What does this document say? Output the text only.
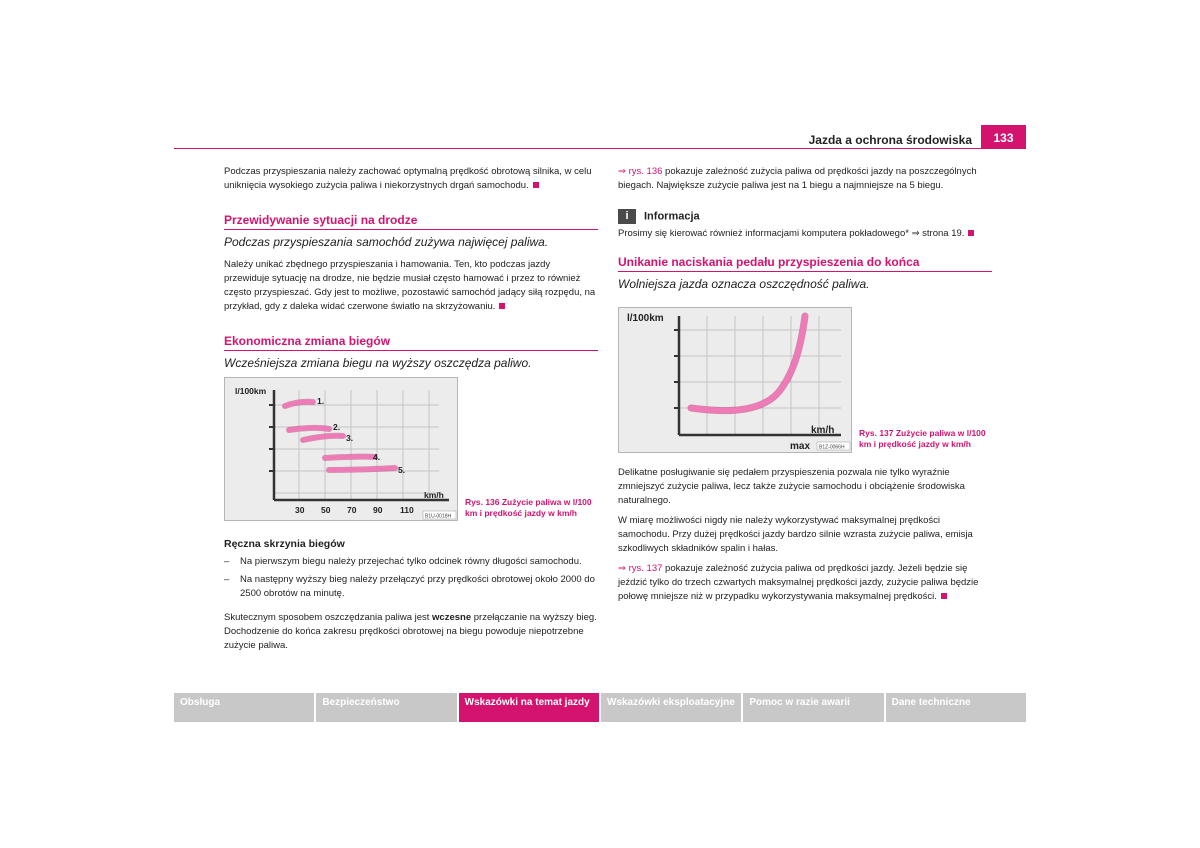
Jazda a ochrona środowiska	133

Podczas przyspieszania należy zachować optymalną prędkość obrotową silnika, w celu uniknięcia wysokiego zużycia paliwa i niekorzystnych drgań samochodu.

Przewidywanie sytuacji na drodze
Podczas przyspieszania samochód zużywa najwięcej paliwa.

Należy unikać zbędnego przyspieszania i hamowania. Ten, kto podczas jazdy przewiduje sytuację na drodze, nie będzie musiał często hamować i przez to również często przyspieszać. Gdy jest to możliwe, pozostawić samochód jadący siłą rozpędu, na przykład, gdy z daleka widać czerwone światło na skrzyżowaniu.

Ekonomiczna zmiana biegów
Wcześniejsza zmiana biegu na wyższy oszczędza paliwo.
l/100km
km/h
30 50 70 90 110
1.
2.
3.
4.
5.
B1U-0018H
Rys. 136 Zużycie paliwa w l/100 km i prędkość jazdy w km/h
Ręczna skrzynia biegów
– Na pierwszym biegu należy przejechać tylko odcinek równy długości samochodu.
– Na następny wyższy bieg należy przełączyć przy prędkości obrotowej około 2000 do 2500 obrotów na minutę.

Skutecznym sposobem oszczędzania paliwa jest wczesne przełączanie na wyższy bieg. Dochodzenie do końca zakresu prędkości obrotowej na biegu powoduje niepotrzebne zużycie paliwa.

⇒ rys. 136 pokazuje zależność zużycia paliwa od prędkości jazdy na poszczególnych biegach. Największe zużycie paliwa jest na 1 biegu a najmniejsze na 5 biegu.

i Informacja

Prosimy się kierować również informacjami komputera pokładowego* ⇒ strona 19.

Unikanie naciskania pedału przyspieszenia do końca
Wolniejsza jazda oznacza oszczędność paliwa.
l/100km
km/h
max B1Z-0066H
Rys. 137 Zużycie paliwa w l/100 km i prędkość jazdy w km/h

Delikatne posługiwanie się pedałem przyspieszenia pozwala nie tylko wyraźnie zmniejszyć zużycie paliwa, lecz także zużycie samochodu i obciążenie środowiska naturalnego.

W miarę możliwości nigdy nie należy wykorzystywać maksymalnej prędkości samochodu. Przy dużej prędkości jazdy bardzo silnie wzrasta zużycie paliwa, emisja szkodliwych składników spalin i hałas.

⇒ rys. 137 pokazuje zależność zużycia paliwa od prędkości jazdy. Jeżeli będzie się jeździć tylko do trzech czwartych maksymalnej prędkości jazdy, zużycie paliwa będzie połowę mniejsze niż w przypadku wykorzystywania maksymalnej prędkości.

Obsługa	Bezpieczeństwo	Wskazówki na temat jazdy	Wskazówki eksploatacyjne	Pomoc w razie awarii	Dane techniczne
